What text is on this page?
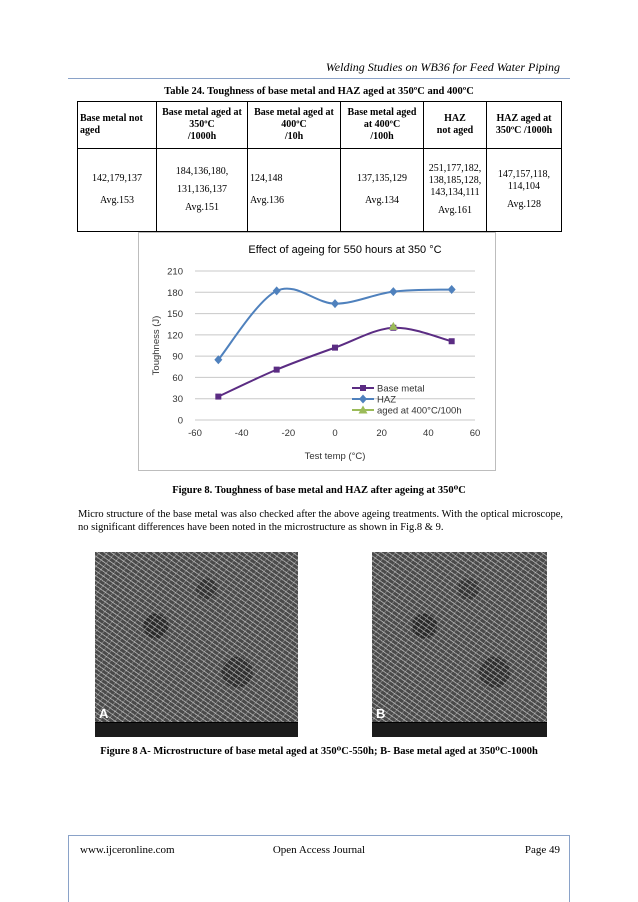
Welding Studies on WB36 for Feed Water Piping
Table 24. Toughness of base metal and HAZ aged at 350ºC and 400ºC
Base metal not
aged	Base metal aged at
350ºC
/1000h	Base metal aged at
400ºC
/10h	Base metal aged
at 400ºC
/100h	HAZ
not aged	HAZ aged at
350ºC /1000h

142,179,137
Avg.153	184,136,180,
131,136,137
Avg.151	124,148
Avg.136	137,135,129
Avg.134	251,177,182,
138,185,128,
143,134,111
Avg.161	147,157,118,
114,104
Avg.128
Effect of ageing for 550 hours at 350 °C
0
30
60
90
120
150
180
210
-60	-40	-20	0	20	40	60
Test temp (°C)
Toughness (J)
Base metal
HAZ
aged at 400°C/100h
Figure 8. Toughness of base metal and HAZ after ageing at 350⁰C
Micro structure of the base metal was also checked after the above ageing treatments. With the optical microscope, no significant differences have been noted in the microstructure as shown in Fig.8 & 9.
A	B
Figure 8 A- Microstructure of base metal aged at 350⁰C-550h; B- Base metal aged at 350⁰C-1000h
www.ijceronline.com	Open Access Journal	Page 49
